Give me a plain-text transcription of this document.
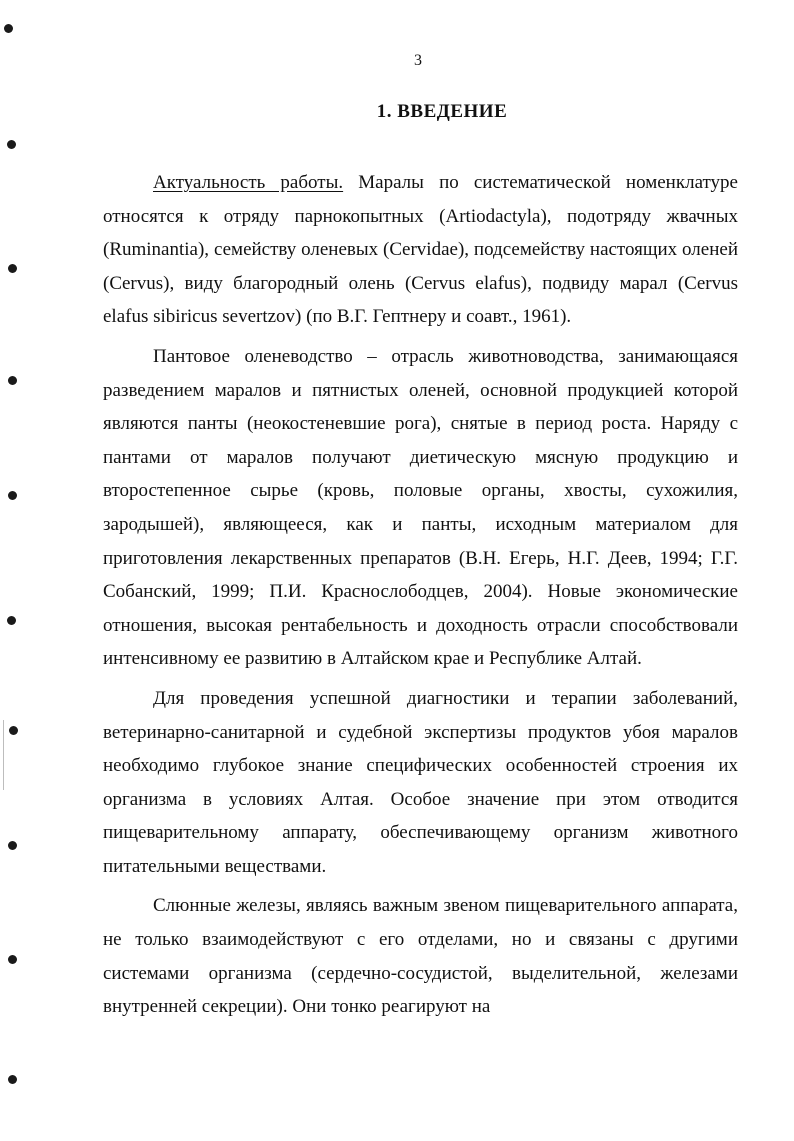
3
1. ВВЕДЕНИЕ

Актуальность работы. Маралы по систематической номенклатуре относятся к отряду парнокопытных (Artiodactyla), подотряду жвачных (Ruminantia), семейству оленевых (Cervidae), подсемейству настоящих оленей (Cervus), виду благородный олень (Cervus elafus), подвиду марал (Cervus elafus sibiricus severtzov) (по В.Г. Гептнеру и соавт., 1961).

Пантовое оленеводство – отрасль животноводства, занимающаяся разведением маралов и пятнистых оленей, основной продукцией которой являются панты (неокостеневшие рога), снятые в период роста. Наряду с пантами от маралов получают диетическую мясную продукцию и второстепенное сырье (кровь, половые органы, хвосты, сухожилия, зародышей), являющееся, как и панты, исходным материалом для приготовления лекарственных препаратов (В.Н. Егерь, Н.Г. Деев, 1994; Г.Г. Собанский, 1999; П.И. Краснослободцев, 2004). Новые экономические отношения, высокая рентабельность и доходность отрасли способствовали интенсивному ее развитию в Алтайском крае и Республике Алтай.

Для проведения успешной диагностики и терапии заболеваний, ветеринарно-санитарной и судебной экспертизы продуктов убоя маралов необходимо глубокое знание специфических особенностей строения их организма в условиях Алтая. Особое значение при этом отводится пищеварительному аппарату, обеспечивающему организм животного питательными веществами.

Слюнные железы, являясь важным звеном пищеварительного аппарата, не только взаимодействуют с его отделами, но и связаны с другими системами организма (сердечно-сосудистой, выделительной, железами внутренней секреции). Они тонко реагируют на
